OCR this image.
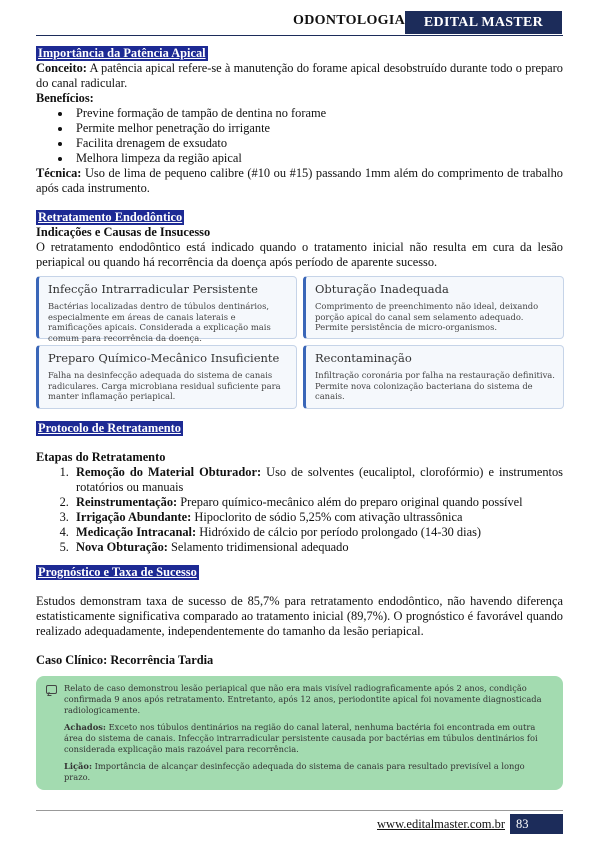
ODONTOLOGIA	EDITAL MASTER
Importância da Patência Apical

Conceito: A patência apical refere-se à manutenção do forame apical desobstruído durante todo o preparo do canal radicular.

Benefícios:

• Previne formação de tampão de dentina no forame
• Permite melhor penetração do irrigante
• Facilita drenagem de exsudato
• Melhora limpeza da região apical

Técnica: Uso de lima de pequeno calibre (#10 ou #15) passando 1mm além do comprimento de trabalho após cada instrumento.

Retratamento Endodôntico

Indicações e Causas de Insucesso

O retratamento endodôntico está indicado quando o tratamento inicial não resulta em cura da lesão periapical ou quando há recorrência da doença após período de aparente sucesso.

Infecção Intrarradicular Persistente
Bactérias localizadas dentro de túbulos dentinários, especialmente em áreas de canais laterais e ramificações apicais. Considerada a explicação mais comum para recorrência da doença.
Obturação Inadequada
Comprimento de preenchimento não ideal, deixando porção apical do canal sem selamento adequado. Permite persistência de micro-organismos.
Preparo Químico-Mecânico Insuficiente
Falha na desinfecção adequada do sistema de canais radiculares. Carga microbiana residual suficiente para manter inflamação periapical.
Recontaminação
Infiltração coronária por falha na restauração definitiva. Permite nova colonização bacteriana do sistema de canais.
Protocolo de Retratamento

Etapas do Retratamento

1. Remoção do Material Obturador: Uso de solventes (eucaliptol, clorofórmio) e instrumentos rotatórios ou manuais
2. Reinstrumentação: Preparo químico-mecânico além do preparo original quando possível
3. Irrigação Abundante: Hipoclorito de sódio 5,25% com ativação ultrassônica
4. Medicação Intracanal: Hidróxido de cálcio por período prolongado (14-30 dias)
5. Nova Obturação: Selamento tridimensional adequado
Prognóstico e Taxa de Sucesso

Estudos demonstram taxa de sucesso de 85,7% para retratamento endodôntico, não havendo diferença estatisticamente significativa comparado ao tratamento inicial (89,7%). O prognóstico é favorável quando realizado adequadamente, independentemente do tamanho da lesão periapical.

Caso Clínico: Recorrência Tardia

Relato de caso demonstrou lesão periapical que não era mais visível radiograficamente após 2 anos, condição confirmada 9 anos após retratamento. Entretanto, após 12 anos, periodontite apical foi novamente diagnosticada radiologicamente.

Achados: Exceto nos túbulos dentinários na região do canal lateral, nenhuma bactéria foi encontrada em outra área do sistema de canais. Infecção intrarradicular persistente causada por bactérias em túbulos dentinários foi considerada explicação mais razoável para recorrência.

Lição: Importância de alcançar desinfecção adequada do sistema de canais para resultado previsível a longo prazo.

www.editalmaster.com.br 83
